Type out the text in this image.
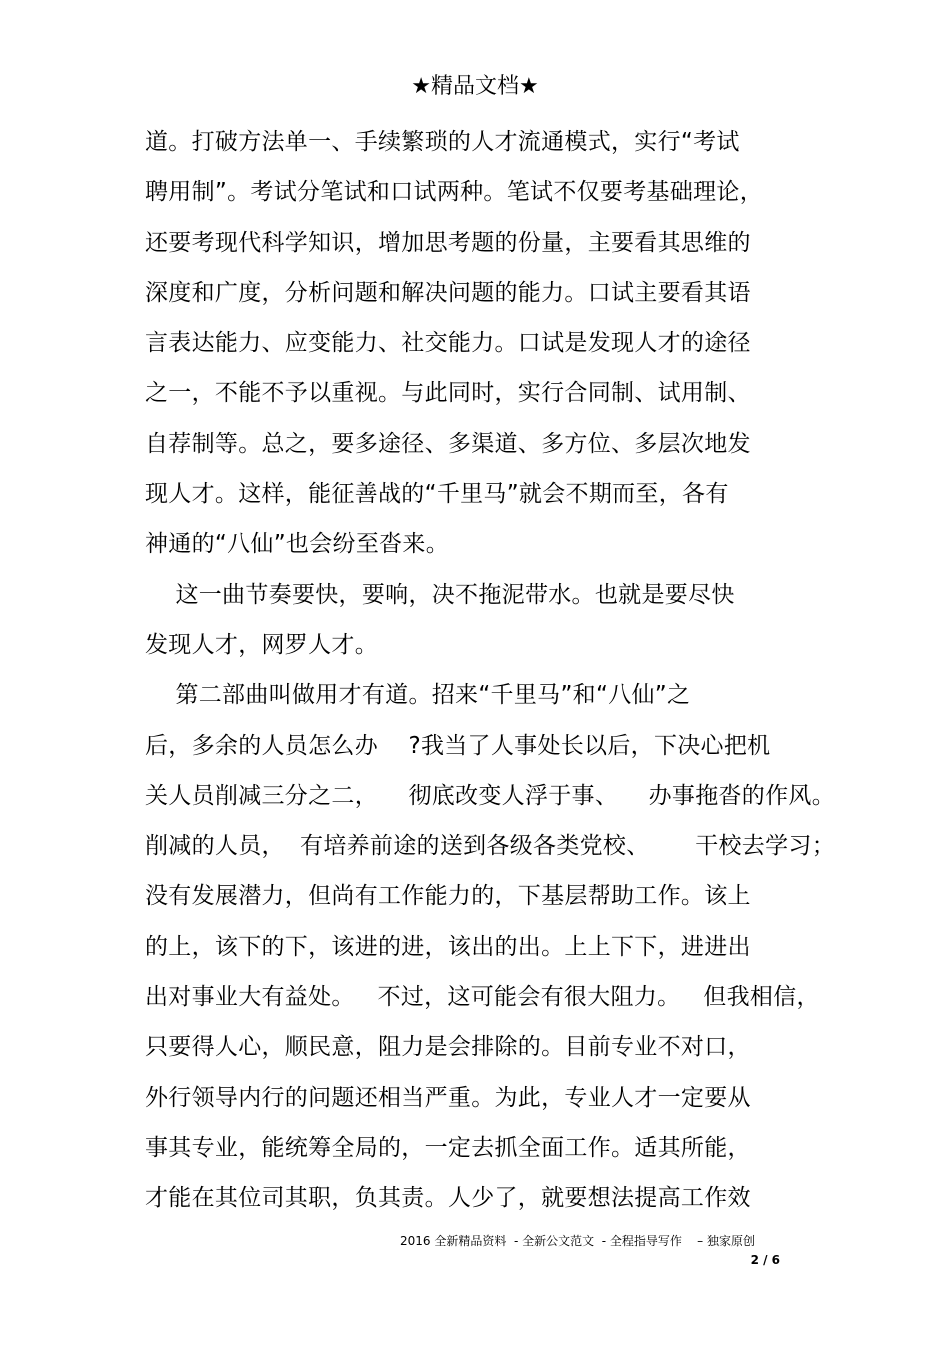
★精品文档★
道。打破方法单一、手续繁琐的人才流通模式，实行“考试
聘用制”。考试分笔试和口试两种。笔试不仅要考基础理论，
还要考现代科学知识，增加思考题的份量，主要看其思维的
深度和广度，分析问题和解决问题的能力。口试主要看其语
言表达能力、应变能力、社交能力。口试是发现人才的途径
之一，不能不予以重视。与此同时，实行合同制、试用制、
自荐制等。总之，要多途径、多渠道、多方位、多层次地发
现人才。这样，能征善战的“千里马”就会不期而至，各有
神通的“八仙”也会纷至沓来。
这一曲节奏要快，要响，决不拖泥带水。也就是要尽快
发现人才，网罗人才。
第二部曲叫做用才有道。招来“千里马”和“八仙”之
后，多余的人员怎么办    ?我当了人事处长以后，下决心把机
关人员削减三分之二，    彻底改变人浮于事、    办事拖沓的作风。
削减的人员，  有培养前途的送到各级各类党校、      干校去学习；
没有发展潜力，但尚有工作能力的，下基层帮助工作。该上
的上，该下的下，该进的进，该出的出。上上下下，进进出
出对事业大有益处。   不过，这可能会有很大阻力。   但我相信，
只要得人心，顺民意，阻力是会排除的。目前专业不对口，
外行领导内行的问题还相当严重。为此，专业人才一定要从
事其专业，能统筹全局的，一定去抓全面工作。适其所能，
才能在其位司其职，负其责。人少了，就要想法提高工作效
2016 全新精品资料  - 全新公文范文  - 全程指导写作    – 独家原创
2 / 6
